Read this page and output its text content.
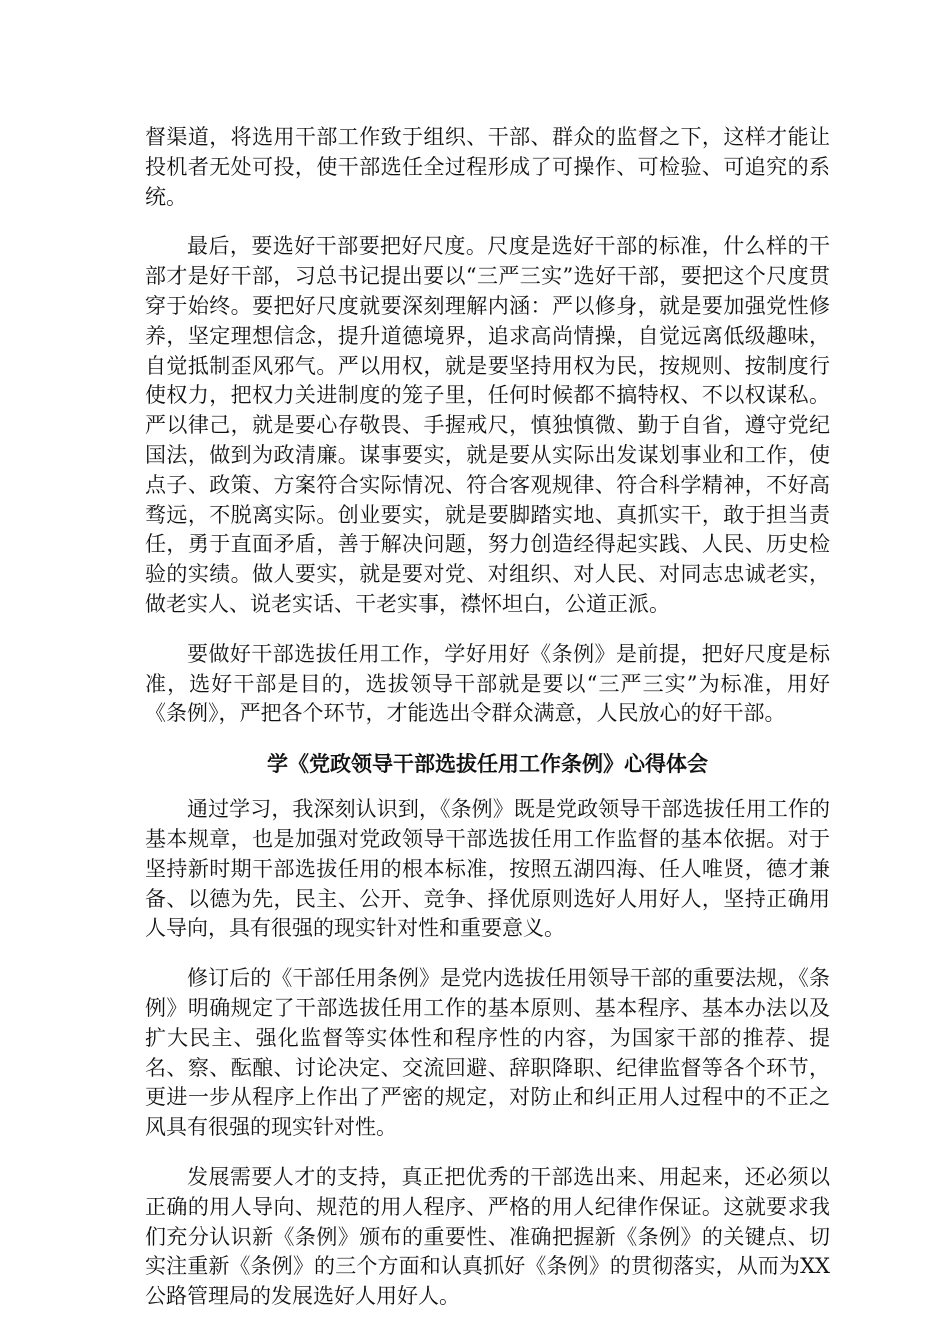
督渠道，将选用干部工作致于组织、干部、群众的监督之下，这样才能让投机者无处可投，使干部选任全过程形成了可操作、可检验、可追究的系统。

最后，要选好干部要把好尺度。尺度是选好干部的标准，什么样的干部才是好干部，习总书记提出要以“三严三实”选好干部，要把这个尺度贯穿于始终。要把好尺度就要深刻理解内涵：严以修身，就是要加强党性修养，坚定理想信念，提升道德境界，追求高尚情操，自觉远离低级趣味，自觉抵制歪风邪气。严以用权，就是要坚持用权为民，按规则、按制度行使权力，把权力关进制度的笼子里，任何时候都不搞特权、不以权谋私。严以律己，就是要心存敬畏、手握戒尺，慎独慎微、勤于自省，遵守党纪国法，做到为政清廉。谋事要实，就是要从实际出发谋划事业和工作，使点子、政策、方案符合实际情况、符合客观规律、符合科学精神，不好高骛远，不脱离实际。创业要实，就是要脚踏实地、真抓实干，敢于担当责任，勇于直面矛盾，善于解决问题，努力创造经得起实践、人民、历史检验的实绩。做人要实，就是要对党、对组织、对人民、对同志忠诚老实，做老实人、说老实话、干老实事，襟怀坦白，公道正派。

要做好干部选拔任用工作，学好用好《条例》是前提，把好尺度是标准，选好干部是目的，选拔领导干部就是要以“三严三实”为标准，用好《条例》，严把各个环节，才能选出令群众满意，人民放心的好干部。

学《党政领导干部选拔任用工作条例》心得体会

通过学习，我深刻认识到，《条例》既是党政领导干部选拔任用工作的基本规章，也是加强对党政领导干部选拔任用工作监督的基本依据。对于坚持新时期干部选拔任用的根本标准，按照五湖四海、任人唯贤，德才兼备、以德为先，民主、公开、竞争、择优原则选好人用好人，坚持正确用人导向，具有很强的现实针对性和重要意义。

修订后的《干部任用条例》是党内选拔任用领导干部的重要法规，《条例》明确规定了干部选拔任用工作的基本原则、基本程序、基本办法以及扩大民主、强化监督等实体性和程序性的内容，为国家干部的推荐、提名、察、酝酿、讨论决定、交流回避、辞职降职、纪律监督等各个环节，更进一步从程序上作出了严密的规定，对防止和纠正用人过程中的不正之风具有很强的现实针对性。

发展需要人才的支持，真正把优秀的干部选出来、用起来，还必须以正确的用人导向、规范的用人程序、严格的用人纪律作保证。这就要求我们充分认识新《条例》颁布的重要性、准确把握新《条例》的关键点、切实注重新《条例》的三个方面和认真抓好《条例》的贯彻落实，从而为XX公路管理局的发展选好人用好人。
